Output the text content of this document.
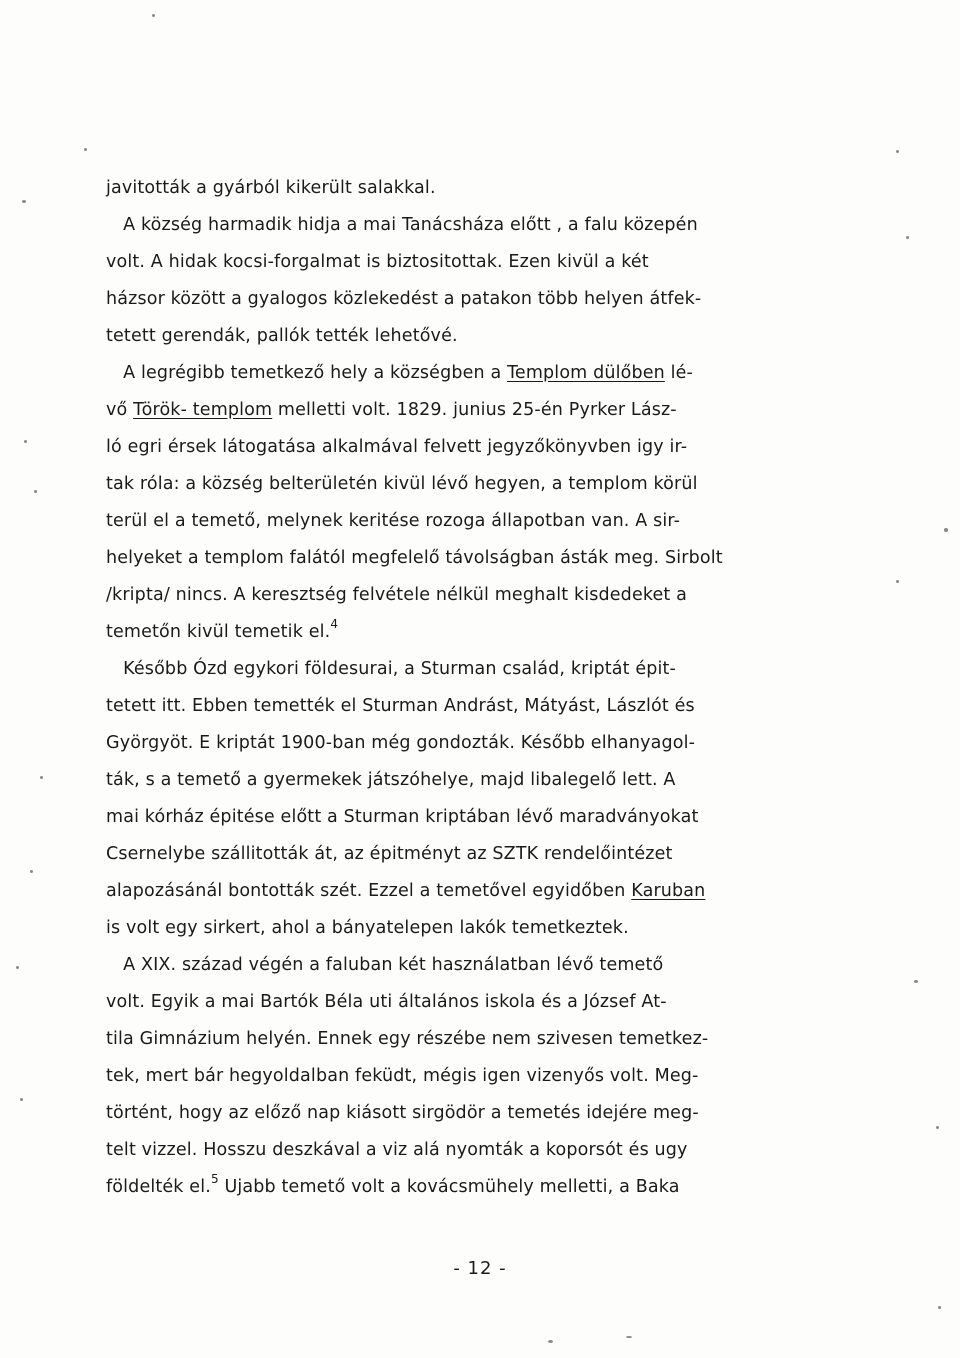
javitották a gyárból kikerült salakkal.
A község harmadik hidja a mai Tanácsháza előtt , a falu közepén
volt. A hidak kocsi-forgalmat is biztositottak. Ezen kivül a két
házsor között a gyalogos közlekedést a patakon több helyen átfek-
tetett gerendák, pallók tették lehetővé.
A legrégibb temetkező hely a községben a Templom dülőben lé-
vő Török- templom melletti volt. 1829. junius 25-én Pyrker Lász-
ló egri érsek látogatása alkalmával felvett jegyzőkönyvben igy ir-
tak róla: a község belterületén kivül lévő hegyen, a templom körül
terül el a temető, melynek keritése rozoga állapotban van. A sir-
helyeket a templom falától megfelelő távolságban ásták meg. Sirbolt
/kripta/ nincs. A keresztség felvétele nélkül meghalt kisdedeket a
temetőn kivül temetik el.$^4$
Később Ózd egykori földesurai, a Sturman család, kriptát épit-
tetett itt. Ebben temették el Sturman Andrást, Mátyást, Lászlót és
Györgyöt. E kriptát 1900-ban még gondozták. Később elhanyagol-
ták, s a temető a gyermekek játszóhelye, majd libalegelő lett. A
mai kórház épitése előtt a Sturman kriptában lévő maradványokat
Csernelybe szállitották át, az épitményt az SZTK rendelőintézet
alapozásánál bontották szét. Ezzel a temetővel egyidőben Karuban
is volt egy sirkert, ahol a bányatelepen lakók temetkeztek.
A XIX. század végén a faluban két használatban lévő temető
volt. Egyik a mai Bartók Béla uti általános iskola és a József At-
tila Gimnázium helyén. Ennek egy részébe nem szivesen temetkez-
tek, mert bár hegyoldalban feküdt, mégis igen vizenyős volt. Meg-
történt, hogy az előző nap kiásott sirgödör a temetés idejére meg-
telt vizzel. Hosszu deszkával a viz alá nyomták a koporsót és ugy
földelték el.$^5$ Ujabb temető volt a kovácsmühely melletti, a Baka
- 12 -
